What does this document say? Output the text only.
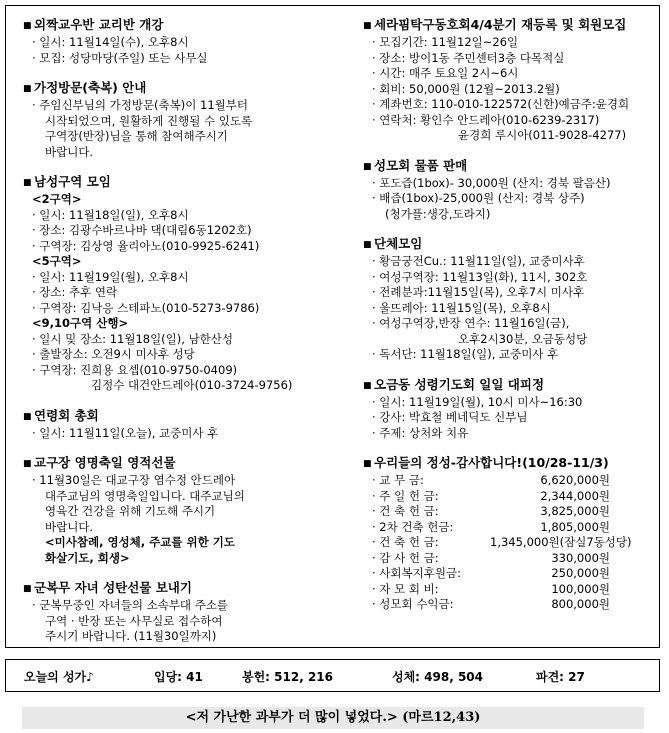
■ 외짝교우반 교리반 개강
· 일시: 11월14일(수), 오후8시
· 모집: 성당마당(주일) 또는 사무실
■ 가정방문(축복) 안내
· 주임신부님의 가정방문(축복)이 11월부터
시작되었으며, 원활하게 진행될 수 있도록
구역장(반장)님을 통해 참여해주시기
바랍니다.
■ 남성구역 모임
<2구역>
· 일시: 11월18일(일), 오후8시
· 장소: 김광수바르나바 댁(대림6동1202호)
· 구역장: 김상영 율리아노(010-9925-6241)
<5구역>
· 일시: 11월19일(월), 오후8시
· 장소: 추후 연락
· 구역장: 김낙응 스테파노(010-5273-9786)
<9,10구역 산행>
· 일시 및 장소: 11월18일(일), 남한산성
· 출발장소: 오전9시 미사후 성당
· 구역장: 진희용 요셉(010-9750-0409)
김정수 대건안드레아(010-3724-9756)
■ 연령회 총회
· 일시: 11월11일(오늘), 교중미사 후
■ 교구장 영명축일 영적선물
· 11월30일은 대교구장 염수정 안드레아
대주교님의 영명축일입니다. 대주교님의
영육간 건강을 위해 기도해 주시기
바랍니다.
<미사참례, 영성체, 주교를 위한 기도
화살기도, 희생>
■ 군복무 자녀 성탄선물 보내기
· 군복무중인 자녀들의 소속부대 주소를
구역 · 반장 또는 사무실로 접수하여
주시기 바랍니다. (11월30일까지)
■ 세라핌탁구동호회4/4분기 재등록 및 회원모집
· 모집기간: 11월12일~26일
· 장소: 방이1동 주민센터3층 다목적실
· 시간: 매주 토요일 2시~6시
· 회비: 50,000원 (12월~2013.2월)
· 계좌번호: 110-010-122572(신한)예금주:윤경희
· 연락처: 황인수 안드레아(010-6239-2317)
윤경희 루시아(011-9028-4277)
■ 성모회 물품 판매
· 포도즙(1box)- 30,000원 (산지: 경북 팔음산)
· 배즙(1box)-25,000원 (산지: 경북 상주)
(청가플:생강,도라지)
■ 단체모임
· 황금궁전Cu.: 11월11일(일), 교중미사후
· 여성구역장: 11월13일(화), 11시, 302호
· 전례분과:11월15일(목), 오후7시 미사후
· 울뜨레아: 11월15일(목), 오후8시
· 여성구역장,반장 연수: 11월16일(금),
오후2시30분, 오금동성당
· 독서단: 11월18일(일), 교중미사 후
■ 오금동 성령기도회 일일 대피정
· 일시: 11월19일(월), 10시 미사~16:30
· 강사: 박효철 베네딕도 신부님
· 주제: 상처와 치유
■ 우리들의 정성-감사합니다!(10/28-11/3)
· 교 무 금:	6,620,000원
· 주 일 헌 금:	2,344,000원
· 건 축 헌 금:	3,825,000원
· 2차 건축 헌금:	1,805,000원
· 건 축 헌 금:	1,345,000원(잠실7동성당)
· 감 사 헌 금:	330,000원
· 사회복지후원금:	250,000원
· 자 모 회 비:	100,000원
· 성모회 수익금:	800,000원
오늘의 성가♪	입당: 41	봉헌: 512, 216	성체: 498, 504	파견: 27
<저 가난한 과부가 더 많이 넣었다.> (마르12,43)
